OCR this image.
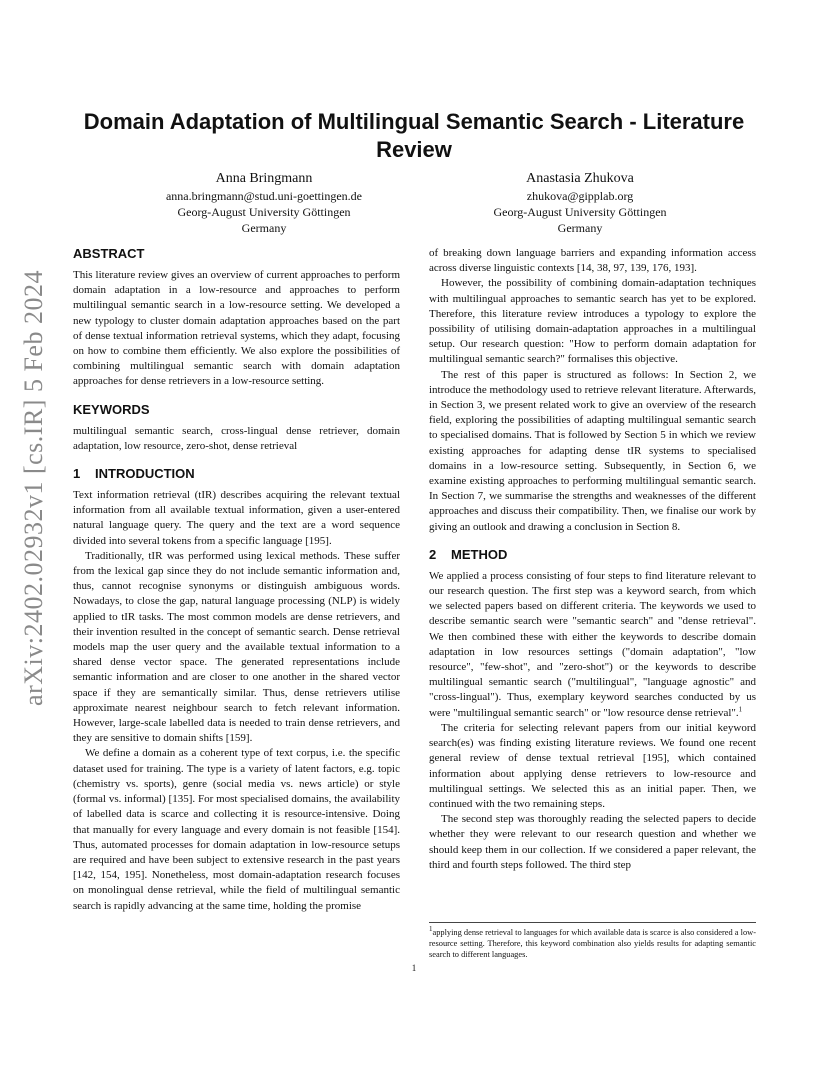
arXiv:2402.02932v1 [cs.IR] 5 Feb 2024
Domain Adaptation of Multilingual Semantic Search - Literature Review
Anna Bringmann
anna.bringmann@stud.uni-goettingen.de
Georg-August University Göttingen
Germany
Anastasia Zhukova
zhukova@gipplab.org
Georg-August University Göttingen
Germany
ABSTRACT

This literature review gives an overview of current approaches to perform domain adaptation in a low-resource and approaches to perform multilingual semantic search in a low-resource setting. We developed a new typology to cluster domain adaptation approaches based on the part of dense textual information retrieval systems, which they adapt, focusing on how to combine them efficiently. We also explore the possibilities of combining multilingual semantic search with domain adaptation approaches for dense retrievers in a low-resource setting.

KEYWORDS

multilingual semantic search, cross-lingual dense retriever, domain adaptation, low resource, zero-shot, dense retrieval

1 INTRODUCTION

Text information retrieval (tIR) describes acquiring the relevant textual information from all available textual information, given a user-entered natural language query. The query and the text are a word sequence divided into several tokens from a specific language [195].

Traditionally, tIR was performed using lexical methods. These suffer from the lexical gap since they do not include semantic information and, thus, cannot recognise synonyms or distinguish ambiguous words. Nowadays, to close the gap, natural language processing (NLP) is widely applied to tIR tasks. The most common models are dense retrievers, and their invention resulted in the concept of semantic search. Dense retrieval models map the user query and the available textual information to a shared dense vector space. The generated representations include semantic information and are closer to one another in the shared vector space if they are semantically similar. Thus, dense retrievers utilise approximate nearest neighbour search to fetch relevant information. However, large-scale labelled data is needed to train dense retrievers, and they are sensitive to domain shifts [159].

We define a domain as a coherent type of text corpus, i.e. the specific dataset used for training. The type is a variety of latent factors, e.g. topic (chemistry vs. sports), genre (social media vs. news article) or style (formal vs. informal) [135]. For most specialised domains, the availability of labelled data is scarce and collecting it is resource-intensive. Doing that manually for every language and every domain is not feasible [154]. Thus, automated processes for domain adaptation in low-resource setups are required and have been subject to extensive research in the past years [142, 154, 195]. Nonetheless, most domain-adaptation research focuses on monolingual dense retrieval, while the field of multilingual semantic search is rapidly advancing at the same time, holding the promise

of breaking down language barriers and expanding information access across diverse linguistic contexts [14, 38, 97, 139, 176, 193].

However, the possibility of combining domain-adaptation techniques with multilingual approaches to semantic search has yet to be explored. Therefore, this literature review introduces a typology to explore the possibility of utilising domain-adaptation approaches in a multilingual setup. Our research question: "How to perform domain adaptation for multilingual semantic search?" formalises this objective.

The rest of this paper is structured as follows: In Section 2, we introduce the methodology used to retrieve relevant literature. Afterwards, in Section 3, we present related work to give an overview of the research field, exploring the possibilities of adapting multilingual semantic search to specialised domains. That is followed by Section 5 in which we review existing approaches for adapting dense tIR systems to specialised domains in a low-resource setting. Subsequently, in Section 6, we examine existing approaches to performing multilingual semantic search. In Section 7, we summarise the strengths and weaknesses of the different approaches and discuss their compatibility. Then, we finalise our work by giving an outlook and drawing a conclusion in Section 8.

2 METHOD

We applied a process consisting of four steps to find literature relevant to our research question. The first step was a keyword search, from which we selected papers based on different criteria. The keywords we used to describe semantic search were "semantic search" and "dense retrieval". We then combined these with either the keywords to describe domain adaptation in low resources settings ("domain adaptation", "low resource", "few-shot", and "zero-shot") or the keywords to describe multilingual semantic search ("multilingual", "language agnostic" and "cross-lingual"). Thus, exemplary keyword searches conducted by us were "multilingual semantic search" or "low resource dense retrieval".$^1$

The criteria for selecting relevant papers from our initial keyword search(es) was finding existing literature reviews. We found one recent general review of dense textual retrieval [195], which contained information about applying dense retrievers to low-resource and multilingual settings. We selected this as an initial paper. Then, we continued with the two remaining steps.

The second step was thoroughly reading the selected papers to decide whether they were relevant to our research question and whether we should keep them in our collection. If we considered a paper relevant, the third and fourth steps followed. The third step

$^1$applying dense retrieval to languages for which available data is scarce is also considered a low-resource setting. Therefore, this keyword combination also yields results for adapting semantic search to different languages.
1
